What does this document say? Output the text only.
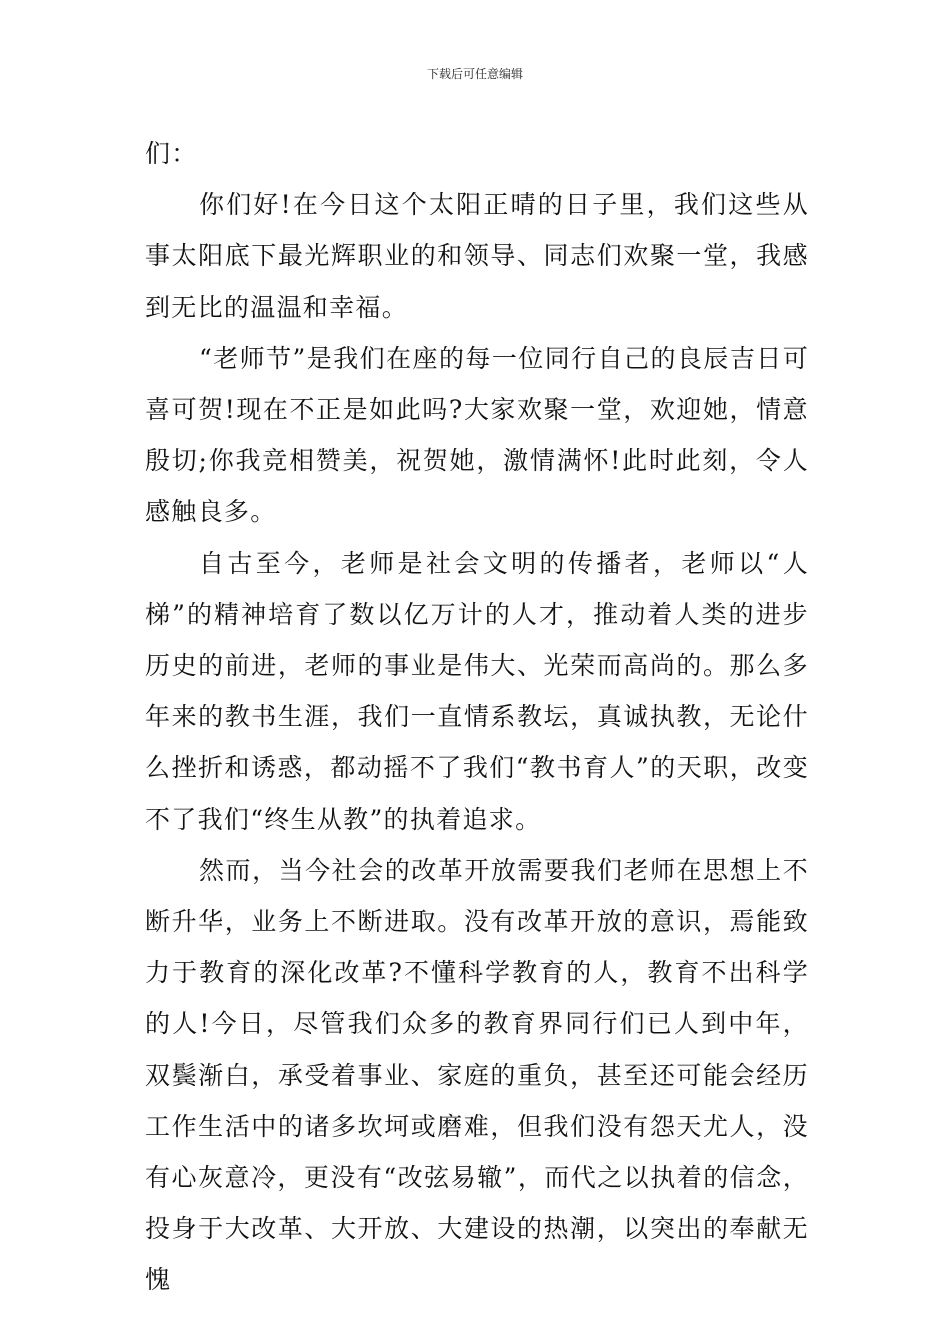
下载后可任意编辑

们：

你们好!在今日这个太阳正晴的日子里，我们这些从事太阳底下最光辉职业的和领导、同志们欢聚一堂，我感到无比的温温和幸福。

“老师节”是我们在座的每一位同行自己的良辰吉日可喜可贺!现在不正是如此吗?大家欢聚一堂，欢迎她，情意殷切;你我竞相赞美，祝贺她，激情满怀!此时此刻，令人感触良多。

自古至今，老师是社会文明的传播者，老师以“人梯”的精神培育了数以亿万计的人才，推动着人类的进步历史的前进，老师的事业是伟大、光荣而高尚的。那么多年来的教书生涯，我们一直情系教坛，真诚执教，无论什么挫折和诱惑，都动摇不了我们“教书育人”的天职，改变不了我们“终生从教”的执着追求。

然而，当今社会的改革开放需要我们老师在思想上不断升华，业务上不断进取。没有改革开放的意识，焉能致力于教育的深化改革?不懂科学教育的人，教育不出科学的人!今日，尽管我们众多的教育界同行们已人到中年，双鬓渐白，承受着事业、家庭的重负，甚至还可能会经历工作生活中的诸多坎坷或磨难，但我们没有怨天尤人，没有心灰意冷，更没有“改弦易辙”，而代之以执着的信念，投身于大改革、大开放、大建设的热潮，以突出的奉献无愧
